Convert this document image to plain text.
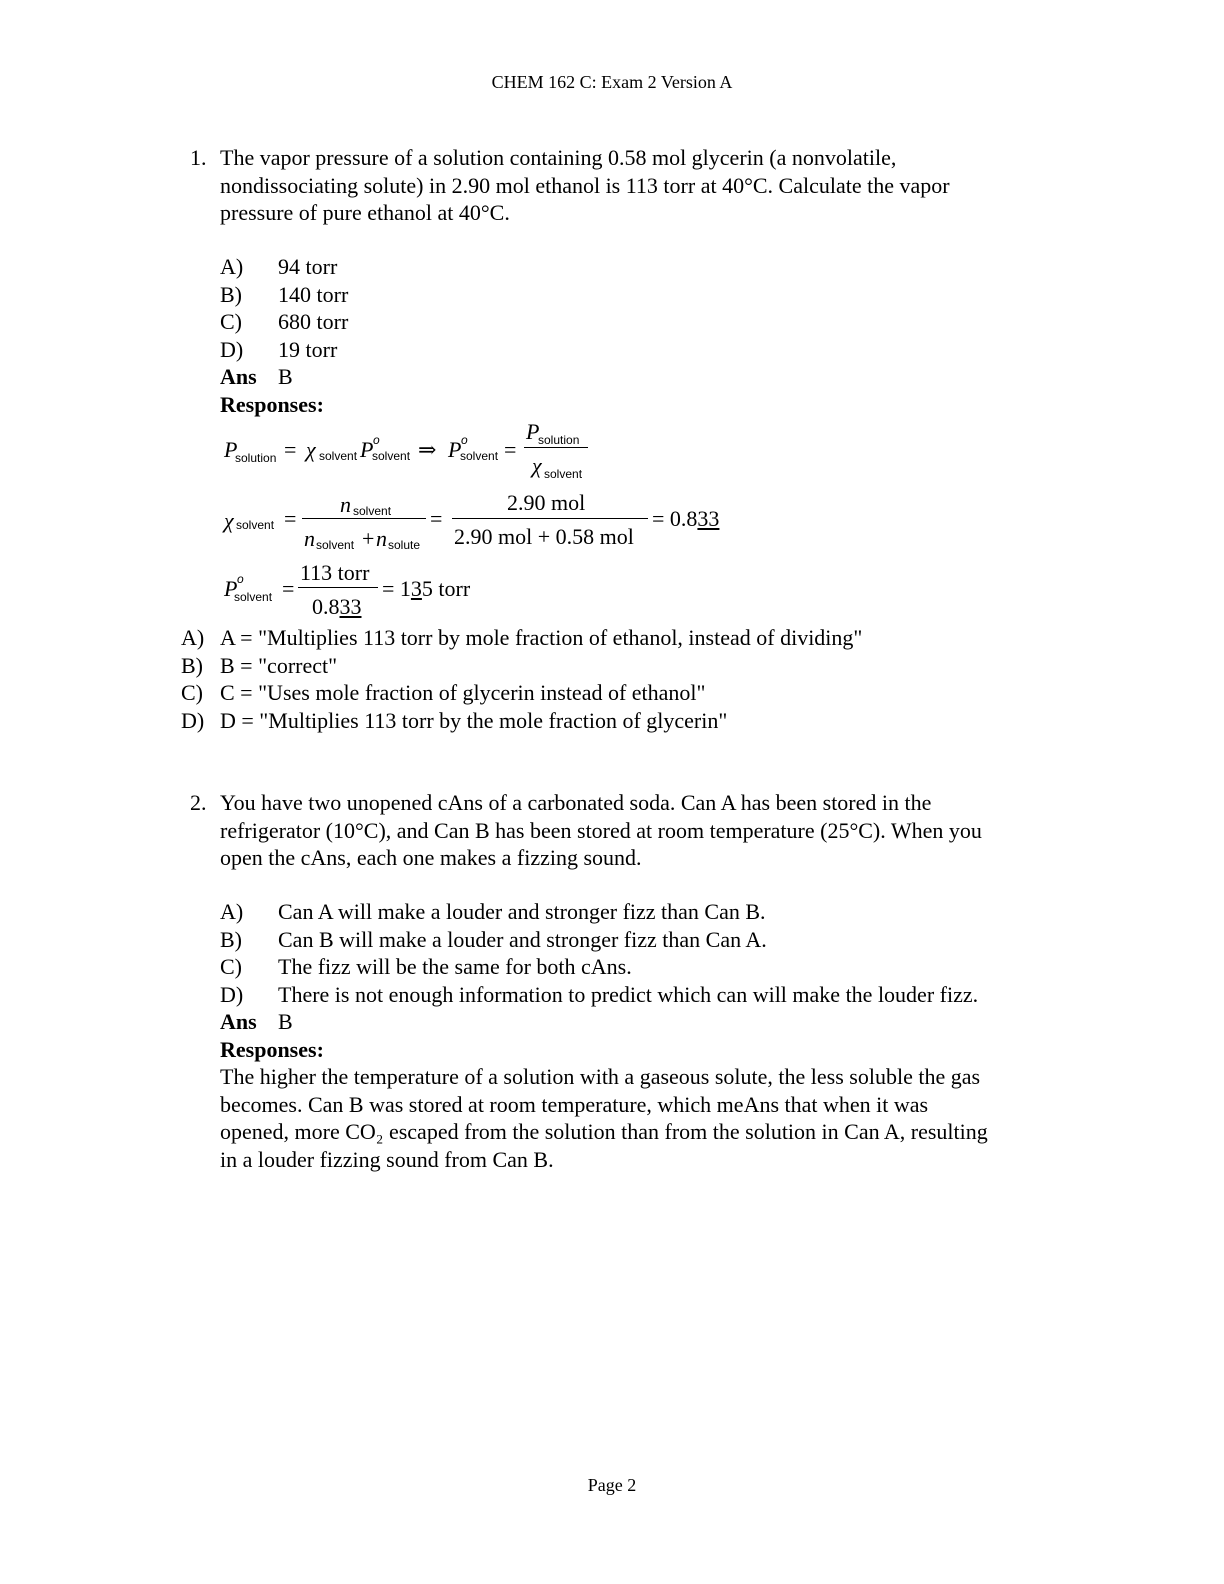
CHEM 162 C: Exam 2 Version A
1. The vapor pressure of a solution containing 0.58 mol glycerin (a nonvolatile,
nondissociating solute) in 2.90 mol ethanol is 113 torr at 40°C. Calculate the vapor
pressure of pure ethanol at 40°C.
A) 94 torr
B) 140 torr
C) 680 torr
D) 19 torr
Ans B
Responses:
P
solution = χ solvent P o
solvent ⇒ P o
solvent =
P
solution
χ solvent
χ solvent =
n solvent
n solvent + n solute
=
2.90 mol
2.90 mol + 0.58 mol
= 0.833
P o
solvent =
113 torr
0.833
= 135 torr
A) A = "Multiplies 113 torr by mole fraction of ethanol, instead of dividing"
B) B = "correct"
C) C = "Uses mole fraction of glycerin instead of ethanol"
D) D = "Multiplies 113 torr by the mole fraction of glycerin"
2. You have two unopened cAns of a carbonated soda. Can A has been stored in the
refrigerator (10°C), and Can B has been stored at room temperature (25°C). When you
open the cAns, each one makes a fizzing sound.
A) Can A will make a louder and stronger fizz than Can B.
B) Can B will make a louder and stronger fizz than Can A.
C) The fizz will be the same for both cAns.
D) There is not enough information to predict which can will make the louder fizz.
Ans B
Responses:
The higher the temperature of a solution with a gaseous solute, the less soluble the gas
becomes. Can B was stored at room temperature, which meAns that when it was
opened, more CO₂ escaped from the solution than from the solution in Can A, resulting
in a louder fizzing sound from Can B.
Page 2
